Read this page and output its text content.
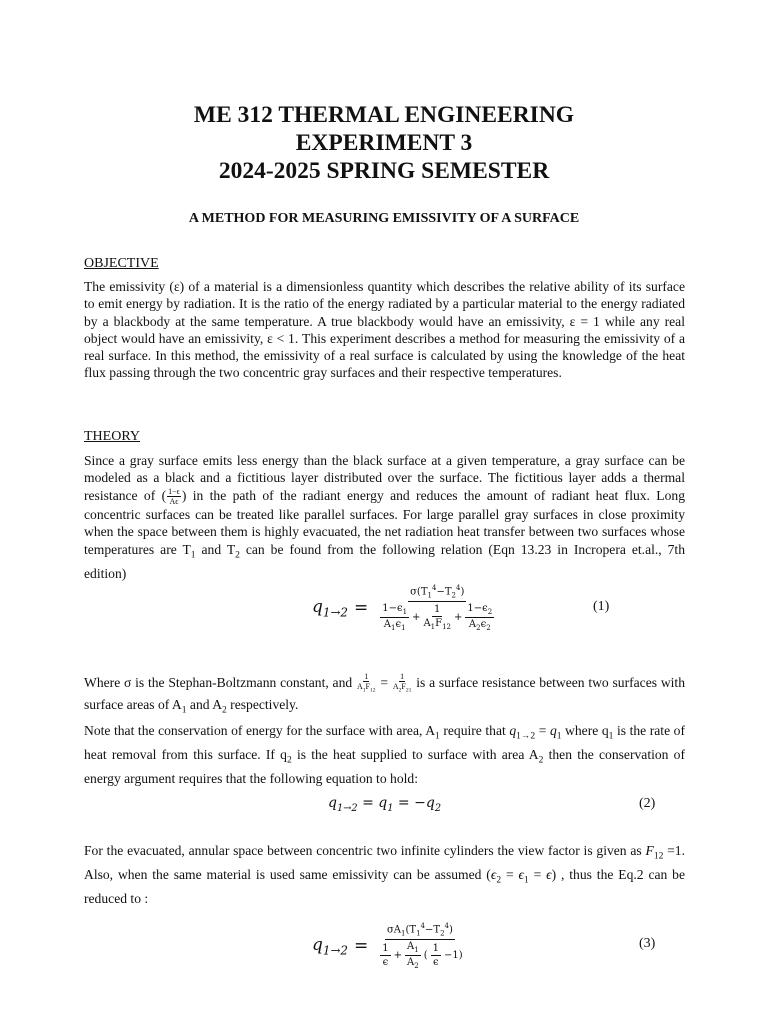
ME 312 THERMAL ENGINEERING
EXPERIMENT 3
2024-2025 SPRING SEMESTER
A METHOD FOR MEASURING EMISSIVITY OF A SURFACE
OBJECTIVE

The emissivity (ε) of a material is a dimensionless quantity which describes the relative ability of its surface to emit energy by radiation. It is the ratio of the energy radiated by a particular material to the energy radiated by a blackbody at the same temperature. A true blackbody would have an emissivity, ε = 1 while any real object would have an emissivity, ε < 1. This experiment describes a method for measuring the emissivity of a real surface. In this method, the emissivity of a real surface is calculated by using the knowledge of the heat flux passing through the two concentric gray surfaces and their respective temperatures.

THEORY

Since a gray surface emits less energy than the black surface at a given temperature, a gray surface can be modeled as a black and a fictitious layer distributed over the surface. The fictitious layer adds a thermal resistance of ( $\frac{1-\epsilon}{A\epsilon}$ ) in the path of the radiant energy and reduces the amount of radiant heat flux. Long concentric surfaces can be treated like parallel surfaces. For large parallel gray surfaces in close proximity when the space between them is highly evacuated, the net radiation heat transfer between two surfaces whose temperatures are $T_1$ and $T_2$ can be found from the following relation (Eqn 13.23 in Incropera et.al., 7th edition)

$q_{1\to 2} = \frac{\sigma(T_1^4-T_2^4)}{\frac{1-\epsilon_1}{A_1\epsilon_1} + \frac{1}{A_1F_{12}} + \frac{1-\epsilon_2}{A_2\epsilon_2}}$	(1)

Where σ is the Stephan-Boltzmann constant, and $\frac{1}{A_1F_{12}} = \frac{1}{A_2F_{21}}$ is a surface resistance between two surfaces with surface areas of $A_1$ and $A_2$ respectively.

Note that the conservation of energy for the surface with area, $A_1$ require that $q_{1\to 2} = q_1$ where $q_1$ is the rate of heat removal from this surface. If $q_2$ is the heat supplied to surface with area $A_2$ then the conservation of energy argument requires that the following equation to hold:

$q_{1\to 2} = q_1 = -q_2$	(2)

For the evacuated, annular space between concentric two infinite cylinders the view factor is given as $F_{12} =1$. Also, when the same material is used same emissivity can be assumed $(\epsilon_2 = \epsilon_1 = \epsilon)$ , thus the Eq.2 can be reduced to :

$q_{1\to 2} = \frac{\sigma A_1(T_1^4-T_2^4)}{\frac{1}{\epsilon} + \frac{A_1}{A_2} ( \frac{1}{\epsilon} -1)}$	(3)
